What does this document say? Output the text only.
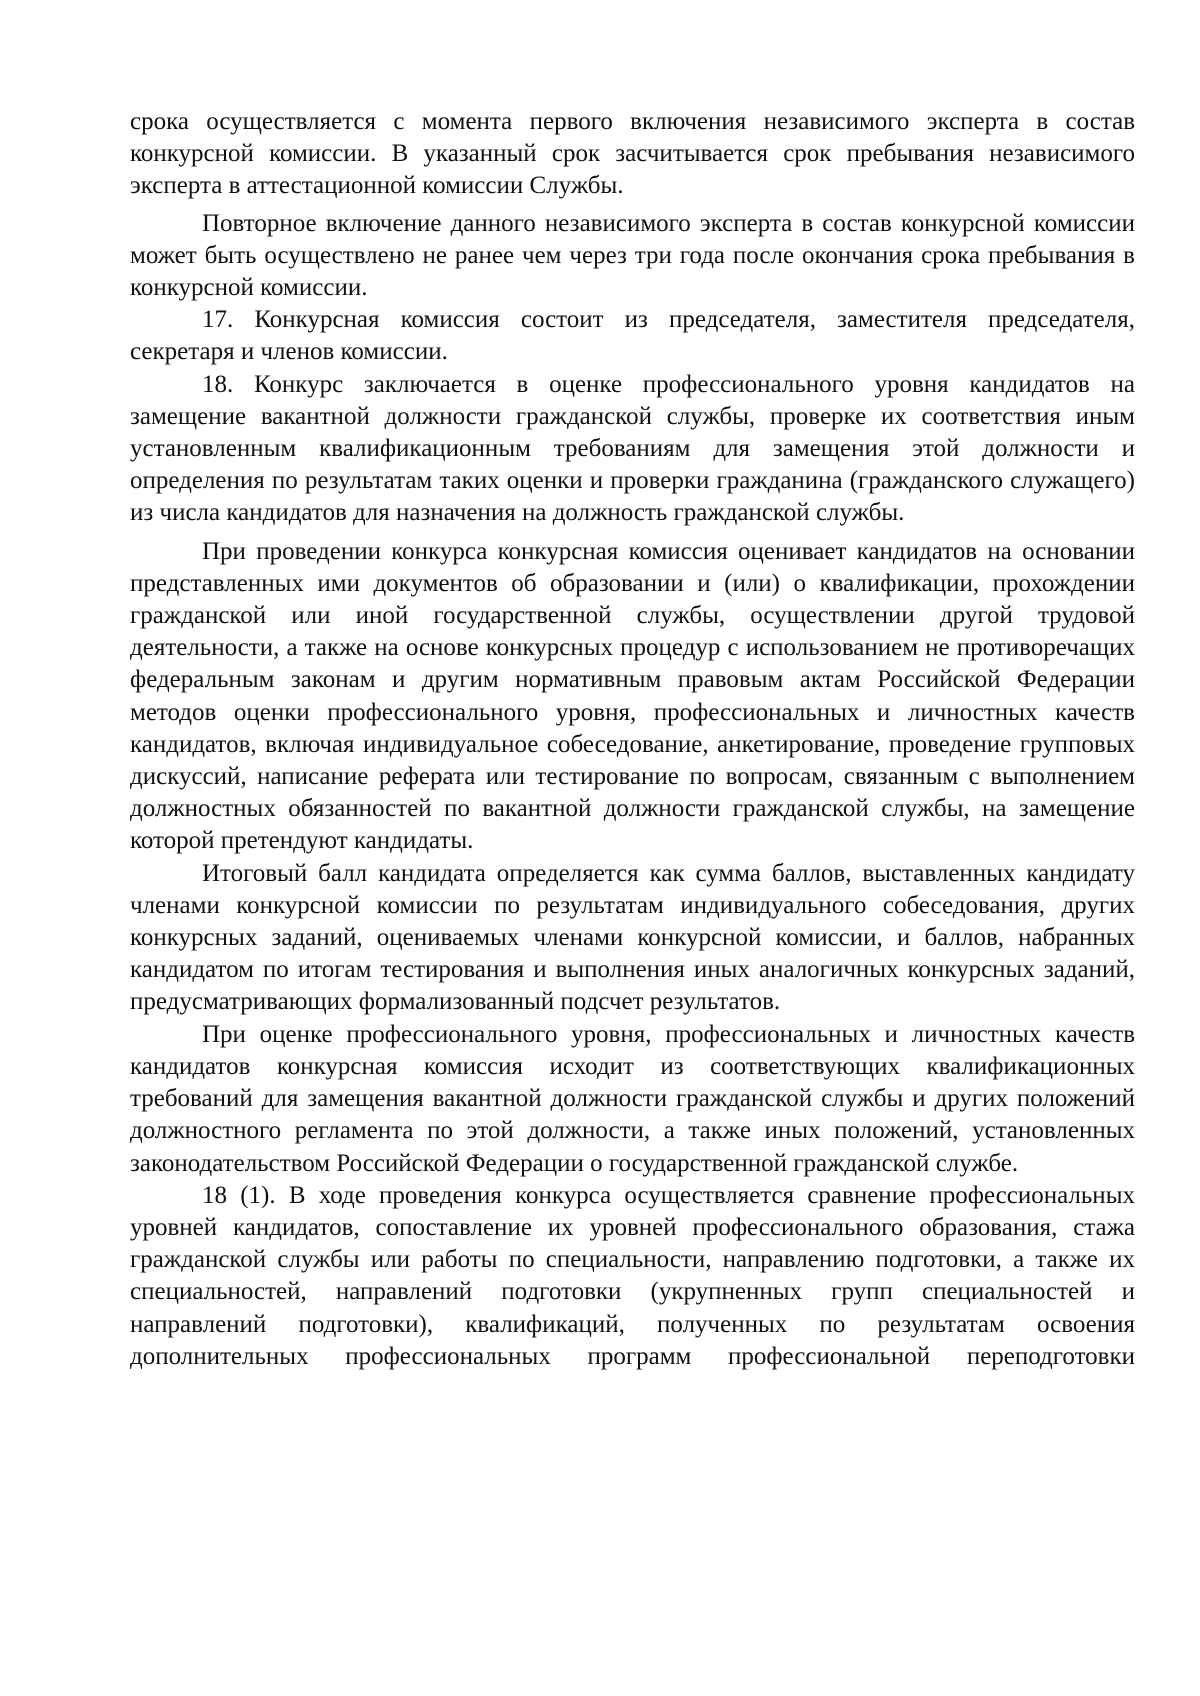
срока осуществляется с момента первого включения независимого эксперта в состав конкурсной комиссии. В указанный срок засчитывается срок пребывания независимого эксперта в аттестационной комиссии Службы.

Повторное включение данного независимого эксперта в состав конкурсной комиссии может быть осуществлено не ранее чем через три года после окончания срока пребывания в конкурсной комиссии.

17. Конкурсная комиссия состоит из председателя, заместителя председателя, секретаря и членов комиссии.

18. Конкурс заключается в оценке профессионального уровня кандидатов на замещение вакантной должности гражданской службы, проверке их соответствия иным установленным квалификационным требованиям для замещения этой должности и определения по результатам таких оценки и проверки гражданина (гражданского служащего) из числа кандидатов для назначения на должность гражданской службы.

При проведении конкурса конкурсная комиссия оценивает кандидатов на основании представленных ими документов об образовании и (или) о квалификации, прохождении гражданской или иной государственной службы, осуществлении другой трудовой деятельности, а также на основе конкурсных процедур с использованием не противоречащих федеральным законам и другим нормативным правовым актам Российской Федерации методов оценки профессионального уровня, профессиональных и личностных качеств кандидатов, включая индивидуальное собеседование, анкетирование, проведение групповых дискуссий, написание реферата или тестирование по вопросам, связанным с выполнением должностных обязанностей по вакантной должности гражданской службы, на замещение которой претендуют кандидаты.

Итоговый балл кандидата определяется как сумма баллов, выставленных кандидату членами конкурсной комиссии по результатам индивидуального собеседования, других конкурсных заданий, оцениваемых членами конкурсной комиссии, и баллов, набранных кандидатом по итогам тестирования и выполнения иных аналогичных конкурсных заданий, предусматривающих формализованный подсчет результатов.

При оценке профессионального уровня, профессиональных и личностных качеств кандидатов конкурсная комиссия исходит из соответствующих квалификационных требований для замещения вакантной должности гражданской службы и других положений должностного регламента по этой должности, а также иных положений, установленных законодательством Российской Федерации о государственной гражданской службе.

18 (1). В ходе проведения конкурса осуществляется сравнение профессиональных уровней кандидатов, сопоставление их уровней профессионального образования, стажа гражданской службы или работы по специальности, направлению подготовки, а также их специальностей, направлений подготовки (укрупненных групп специальностей и направлений подготовки), квалификаций, полученных по результатам освоения дополнительных профессиональных программ профессиональной переподготовки
